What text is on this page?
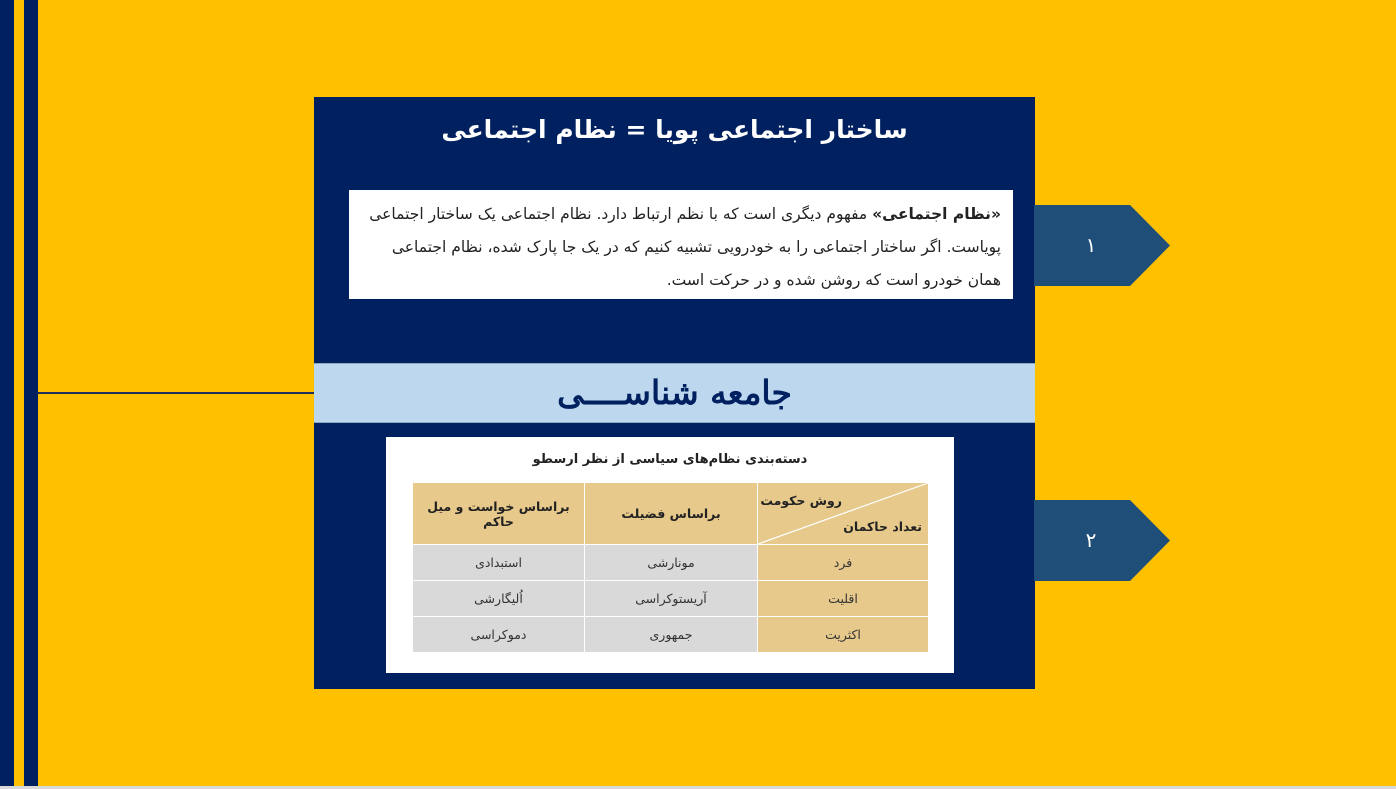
ساختار اجتماعی پویا = نظام اجتماعی
«نظام اجتماعی» مفهوم دیگری است که با نظم ارتباط دارد. نظام اجتماعی یک ساختار اجتماعی پویاست. اگر ساختار اجتماعی را به خودرویی تشبیه کنیم که در یک جا پارک شده، نظام اجتماعی همان خودرو است که روشن شده و در حرکت است.
جامعه شناســــی
دسته‌بندی نظام‌های سیاسی از نظر ارسطو
روش حکومت
تعداد حاکمان	براساس فضیلت	براساس خواست و میل حاکم
فرد	مونارشی	استبدادی
اقلیت	آریستوکراسی	اُلیگارشی
اکثریت	جمهوری	دموکراسی
۱
۲
